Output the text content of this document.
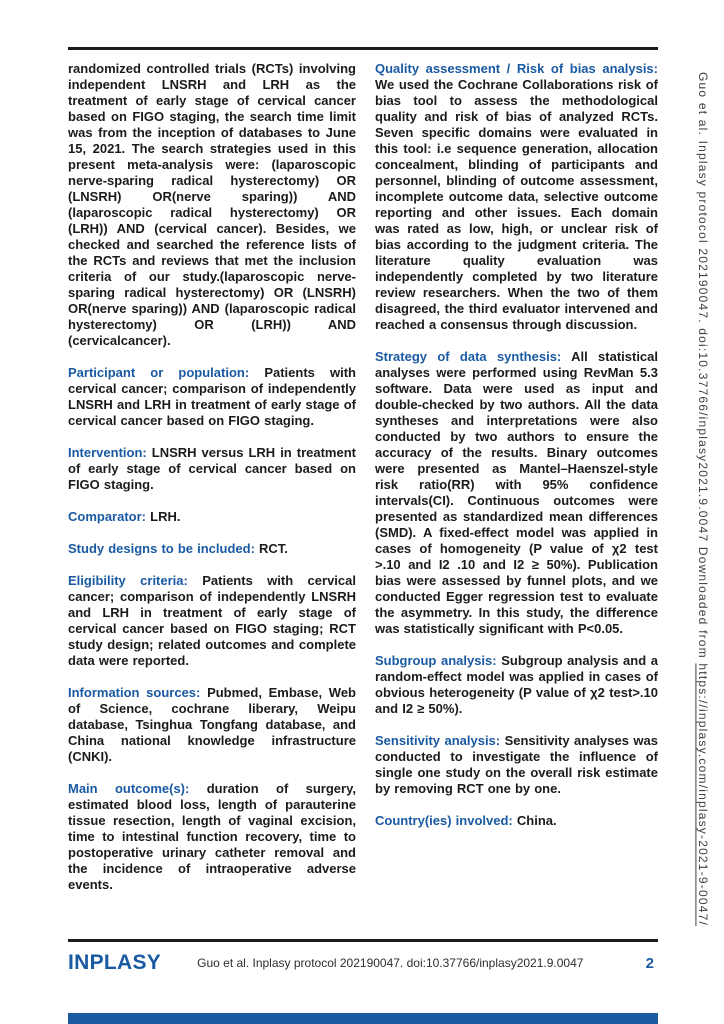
randomized controlled trials (RCTs) involving independent LNSRH and LRH as the treatment of early stage of cervical cancer based on FIGO staging, the search time limit was from the inception of databases to June 15, 2021. The search strategies used in this present meta-analysis were: (laparoscopic nerve-sparing radical hysterectomy) OR (LNSRH) OR(nerve sparing)) AND (laparoscopic radical hysterectomy) OR (LRH)) AND (cervical cancer). Besides, we checked and searched the reference lists of the RCTs and reviews that met the inclusion criteria of our study.(laparoscopic nerve-sparing radical hysterectomy) OR (LNSRH) OR(nerve sparing)) AND (laparoscopic radical hysterectomy) OR (LRH)) AND (cervicalcancer).

Participant or population: Patients with cervical cancer; comparison of independently LNSRH and LRH in treatment of early stage of cervical cancer based on FIGO staging.

Intervention: LNSRH versus LRH in treatment of early stage of cervical cancer based on FIGO staging.

Comparator: LRH.

Study designs to be included: RCT.

Eligibility criteria: Patients with cervical cancer; comparison of independently LNSRH and LRH in treatment of early stage of cervical cancer based on FIGO staging; RCT study design; related outcomes and complete data were reported.

Information sources: Pubmed, Embase, Web of Science, cochrane liberary, Weipu database, Tsinghua Tongfang database, and China national knowledge infrastructure (CNKI).

Main outcome(s): duration of surgery, estimated blood loss, length of parauterine tissue resection, length of vaginal excision, time to intestinal function recovery, time to postoperative urinary catheter removal and the incidence of intraoperative adverse events.

Quality assessment / Risk of bias analysis: We used the Cochrane Collaborations risk of bias tool to assess the methodological quality and risk of bias of analyzed RCTs. Seven specific domains were evaluated in this tool: i.e sequence generation, allocation concealment, blinding of participants and personnel, blinding of outcome assessment, incomplete outcome data, selective outcome reporting and other issues. Each domain was rated as low, high, or unclear risk of bias according to the judgment criteria. The literature quality evaluation was independently completed by two literature review researchers. When the two of them disagreed, the third evaluator intervened and reached a consensus through discussion.

Strategy of data synthesis: All statistical analyses were performed using RevMan 5.3 software. Data were used as input and double-checked by two authors. All the data syntheses and interpretations were also conducted by two authors to ensure the accuracy of the results. Binary outcomes were presented as Mantel–Haenszel-style risk ratio(RR) with 95% confidence intervals(CI). Continuous outcomes were presented as standardized mean differences (SMD). A fixed-effect model was applied in cases of homogeneity (P value of χ2 test >.10 and I2 .10 and I2 ≥ 50%). Publication bias were assessed by funnel plots, and we conducted Egger regression test to evaluate the asymmetry. In this study, the difference was statistically significant with P<0.05.

Subgroup analysis: Subgroup analysis and a random-effect model was applied in cases of obvious heterogeneity (P value of χ2 test>.10 and I2 ≥ 50%).

Sensitivity analysis: Sensitivity analyses was conducted to investigate the influence of single one study on the overall risk estimate by removing RCT one by one.

Country(ies) involved: China.

Guo et al. Inplasy protocol 202190047. doi:10.37766/inplasy2021.9.0047 Downloaded from https://inplasy.com/inplasy-2021-9-0047/
INPLASY	Guo et al. Inplasy protocol 202190047. doi:10.37766/inplasy2021.9.0047	2
